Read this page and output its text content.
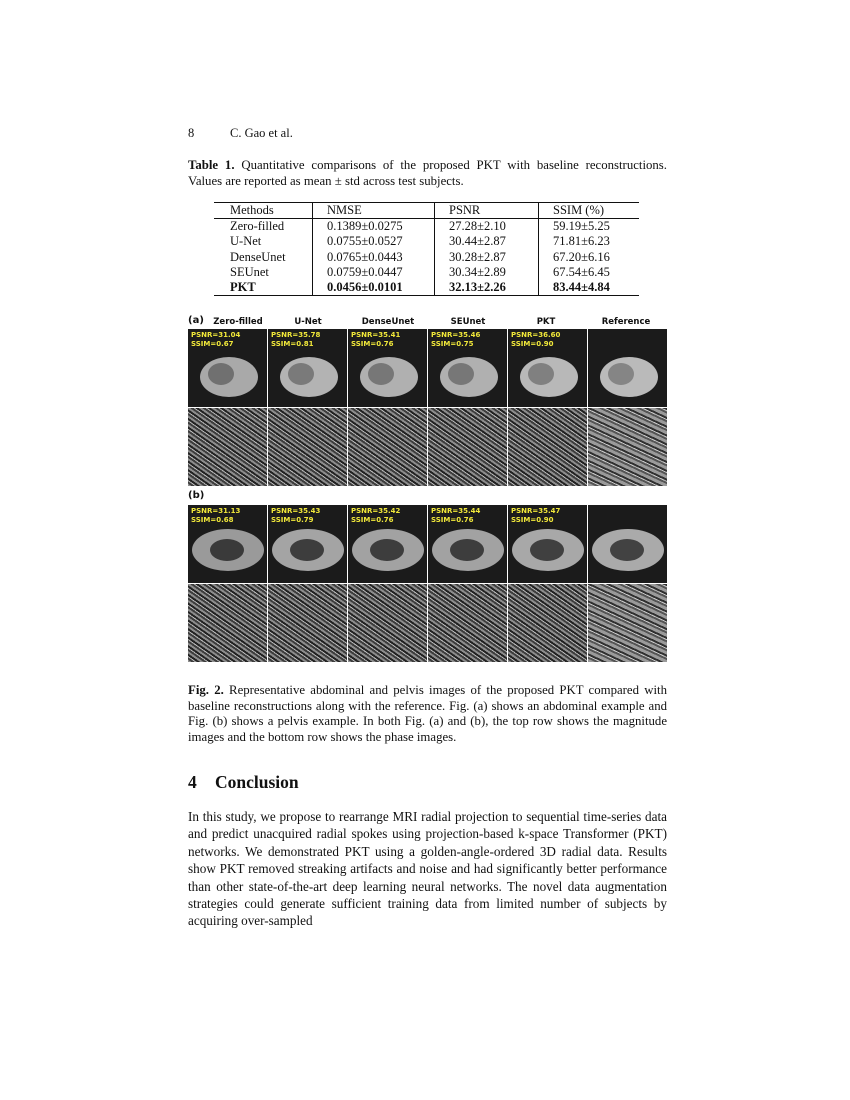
8	C. Gao et al.
Table 1. Quantitative comparisons of the proposed PKT with baseline reconstructions. Values are reported as mean ± std across test subjects.
Methods	NMSE	PSNR	SSIM (%)
Zero-filled	0.1389±0.0275	27.28±2.10	59.19±5.25
U-Net	0.0755±0.0527	30.44±2.87	71.81±6.23
DenseUnet	0.0765±0.0443	30.28±2.87	67.20±6.16
SEUnet	0.0759±0.0447	30.34±2.89	67.54±6.45
PKT	0.0456±0.0101	32.13±2.26	83.44±4.84
(a)	Zero-filled	U-Net	DenseUnet	SEUnet	PKT	Reference
PSNR=31.04
SSIM=0.67
PSNR=35.78
SSIM=0.81
PSNR=35.41
SSIM=0.76
PSNR=35.46
SSIM=0.75
PSNR=36.60
SSIM=0.90
(b)
PSNR=31.13
SSIM=0.68
PSNR=35.43
SSIM=0.79
PSNR=35.42
SSIM=0.76
PSNR=35.44
SSIM=0.76
PSNR=35.47
SSIM=0.90
Fig. 2. Representative abdominal and pelvis images of the proposed PKT compared with baseline reconstructions along with the reference. Fig. (a) shows an abdominal example and Fig. (b) shows a pelvis example. In both Fig. (a) and (b), the top row shows the magnitude images and the bottom row shows the phase images.
4 Conclusion
In this study, we propose to rearrange MRI radial projection to sequential time-series data and predict unacquired radial spokes using projection-based k-space Transformer (PKT) networks. We demonstrated PKT using a golden-angle-ordered 3D radial data. Results show PKT removed streaking artifacts and noise and had significantly better performance than other state-of-the-art deep learning neural networks. The novel data augmentation strategies could generate sufficient training data from limited number of subjects by acquiring over-sampled
